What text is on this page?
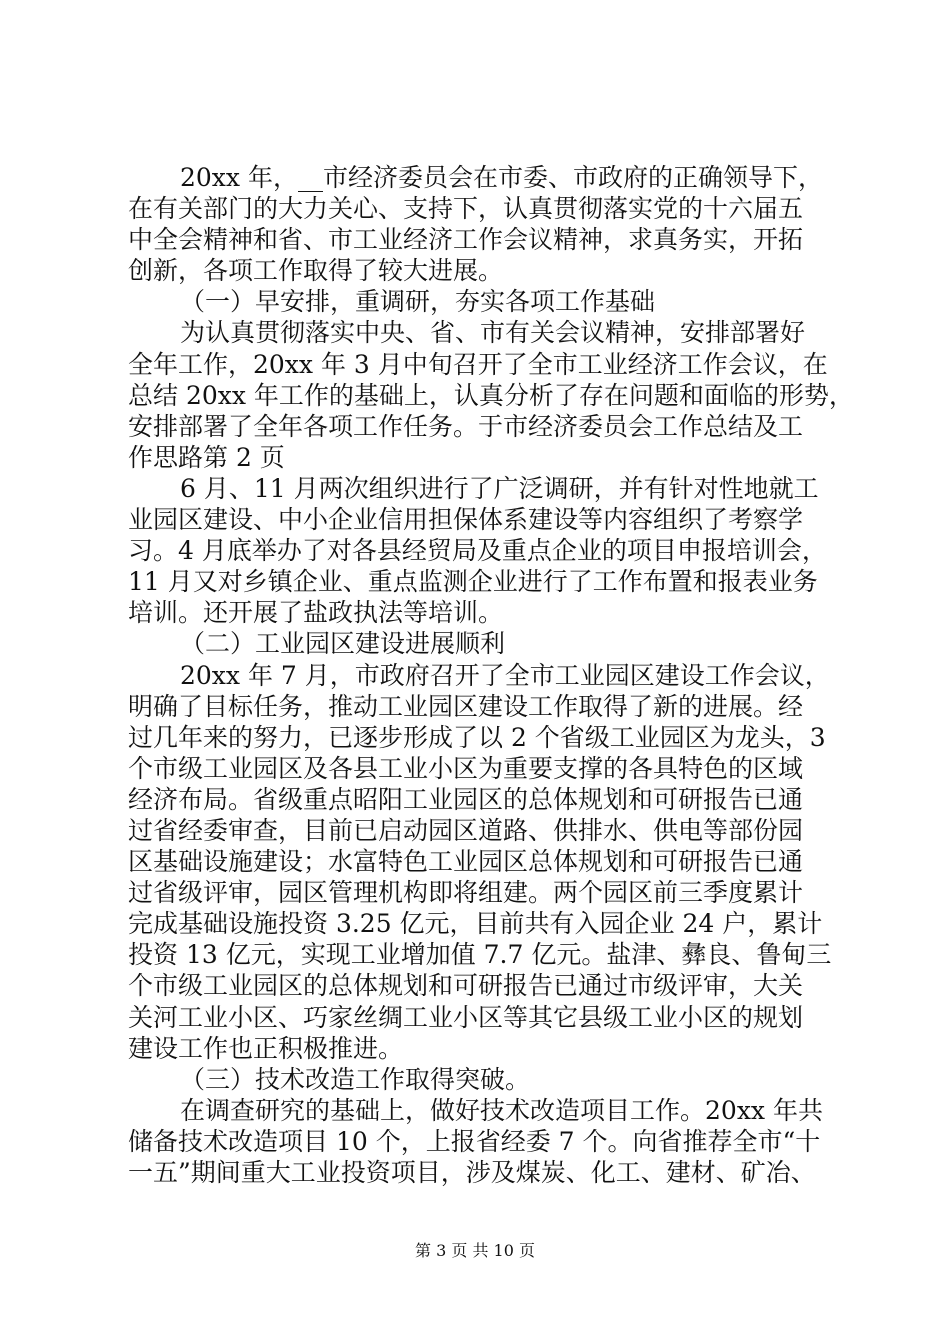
20xx 年，__市经济委员会在市委、市政府的正确领导下，

在有关部门的大力关心、支持下，认真贯彻落实党的十六届五

中全会精神和省、市工业经济工作会议精神，求真务实，开拓

创新，各项工作取得了较大进展。

（一）早安排，重调研，夯实各项工作基础

为认真贯彻落实中央、省、市有关会议精神，安排部署好

全年工作，20xx 年 3 月中旬召开了全市工业经济工作会议，在

总结 20xx 年工作的基础上，认真分析了存在问题和面临的形势，

安排部署了全年各项工作任务。于市经济委员会工作总结及工

作思路第 2 页

6 月、11 月两次组织进行了广泛调研，并有针对性地就工

业园区建设、中小企业信用担保体系建设等内容组织了考察学

习。4 月底举办了对各县经贸局及重点企业的项目申报培训会，

11 月又对乡镇企业、重点监测企业进行了工作布置和报表业务

培训。还开展了盐政执法等培训。

（二）工业园区建设进展顺利

20xx 年 7 月，市政府召开了全市工业园区建设工作会议，

明确了目标任务，推动工业园区建设工作取得了新的进展。经

过几年来的努力，已逐步形成了以 2 个省级工业园区为龙头，3

个市级工业园区及各县工业小区为重要支撑的各具特色的区域

经济布局。省级重点昭阳工业园区的总体规划和可研报告已通

过省经委审查，目前已启动园区道路、供排水、供电等部份园

区基础设施建设；水富特色工业园区总体规划和可研报告已通

过省级评审，园区管理机构即将组建。两个园区前三季度累计

完成基础设施投资 3.25 亿元，目前共有入园企业 24 户，累计

投资 13 亿元，实现工业增加值 7.7 亿元。盐津、彝良、鲁甸三

个市级工业园区的总体规划和可研报告已通过市级评审，大关

关河工业小区、巧家丝绸工业小区等其它县级工业小区的规划

建设工作也正积极推进。

（三）技术改造工作取得突破。

在调查研究的基础上，做好技术改造项目工作。20xx 年共

储备技术改造项目 10 个，上报省经委 7 个。向省推荐全市“十

一五”期间重大工业投资项目，涉及煤炭、化工、建材、矿冶、

第 3 页 共 10 页
